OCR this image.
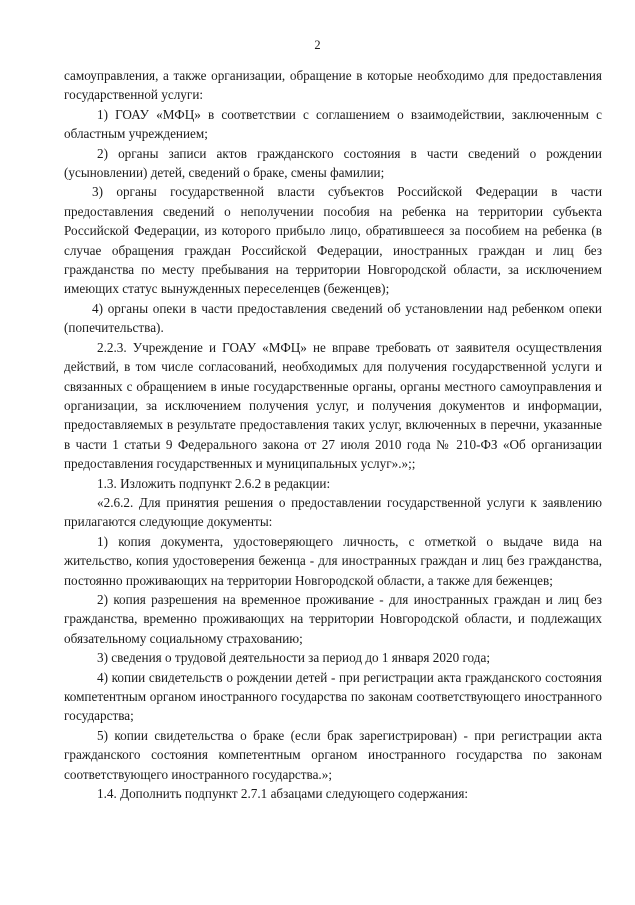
2

самоуправления, а также организации, обращение в которые необходимо для предоставления государственной услуги:

1) ГОАУ «МФЦ» в соответствии с соглашением о взаимодействии, заключенным с областным учреждением;

2) органы записи актов гражданского состояния в части сведений о рождении (усыновлении) детей, сведений о браке, смены фамилии;

3) органы государственной власти субъектов Российской Федерации в части предоставления сведений о неполучении пособия на ребенка на территории субъекта Российской Федерации, из которого прибыло лицо, обратившееся за пособием на ребенка (в случае обращения граждан Российской Федерации, иностранных граждан и лиц без гражданства по месту пребывания на территории Новгородской области, за исключением имеющих статус вынужденных переселенцев (беженцев);

4) органы опеки в части предоставления сведений об установлении над ребенком опеки (попечительства).

2.2.3. Учреждение и ГОАУ «МФЦ» не вправе требовать от заявителя осуществления действий, в том числе согласований, необходимых для получения государственной услуги и связанных с обращением в иные государственные органы, органы местного самоуправления и организации, за исключением получения услуг, и получения документов и информации, предоставляемых в результате предоставления таких услуг, включенных в перечни, указанные в части 1 статьи 9 Федерального закона от 27 июля 2010 года № 210-ФЗ «Об организации предоставления государственных и муниципальных услуг».»;;

1.3. Изложить подпункт 2.6.2 в редакции:

«2.6.2. Для принятия решения о предоставлении государственной услуги к заявлению прилагаются следующие документы:

1) копия документа, удостоверяющего личность, с отметкой о выдаче вида на жительство, копия удостоверения беженца - для иностранных граждан и лиц без гражданства, постоянно проживающих на территории Новгородской области, а также для беженцев;

2) копия разрешения на временное проживание - для иностранных граждан и лиц без гражданства, временно проживающих на территории Новгородской области, и подлежащих обязательному социальному страхованию;

3) сведения о трудовой деятельности за период до 1 января 2020 года;

4) копии свидетельств о рождении детей - при регистрации акта гражданского состояния компетентным органом иностранного государства по законам соответствующего иностранного государства;

5) копии свидетельства о браке (если брак зарегистрирован) - при регистрации акта гражданского состояния компетентным органом иностранного государства по законам соответствующего иностранного государства.»;

1.4. Дополнить подпункт 2.7.1 абзацами следующего содержания:
